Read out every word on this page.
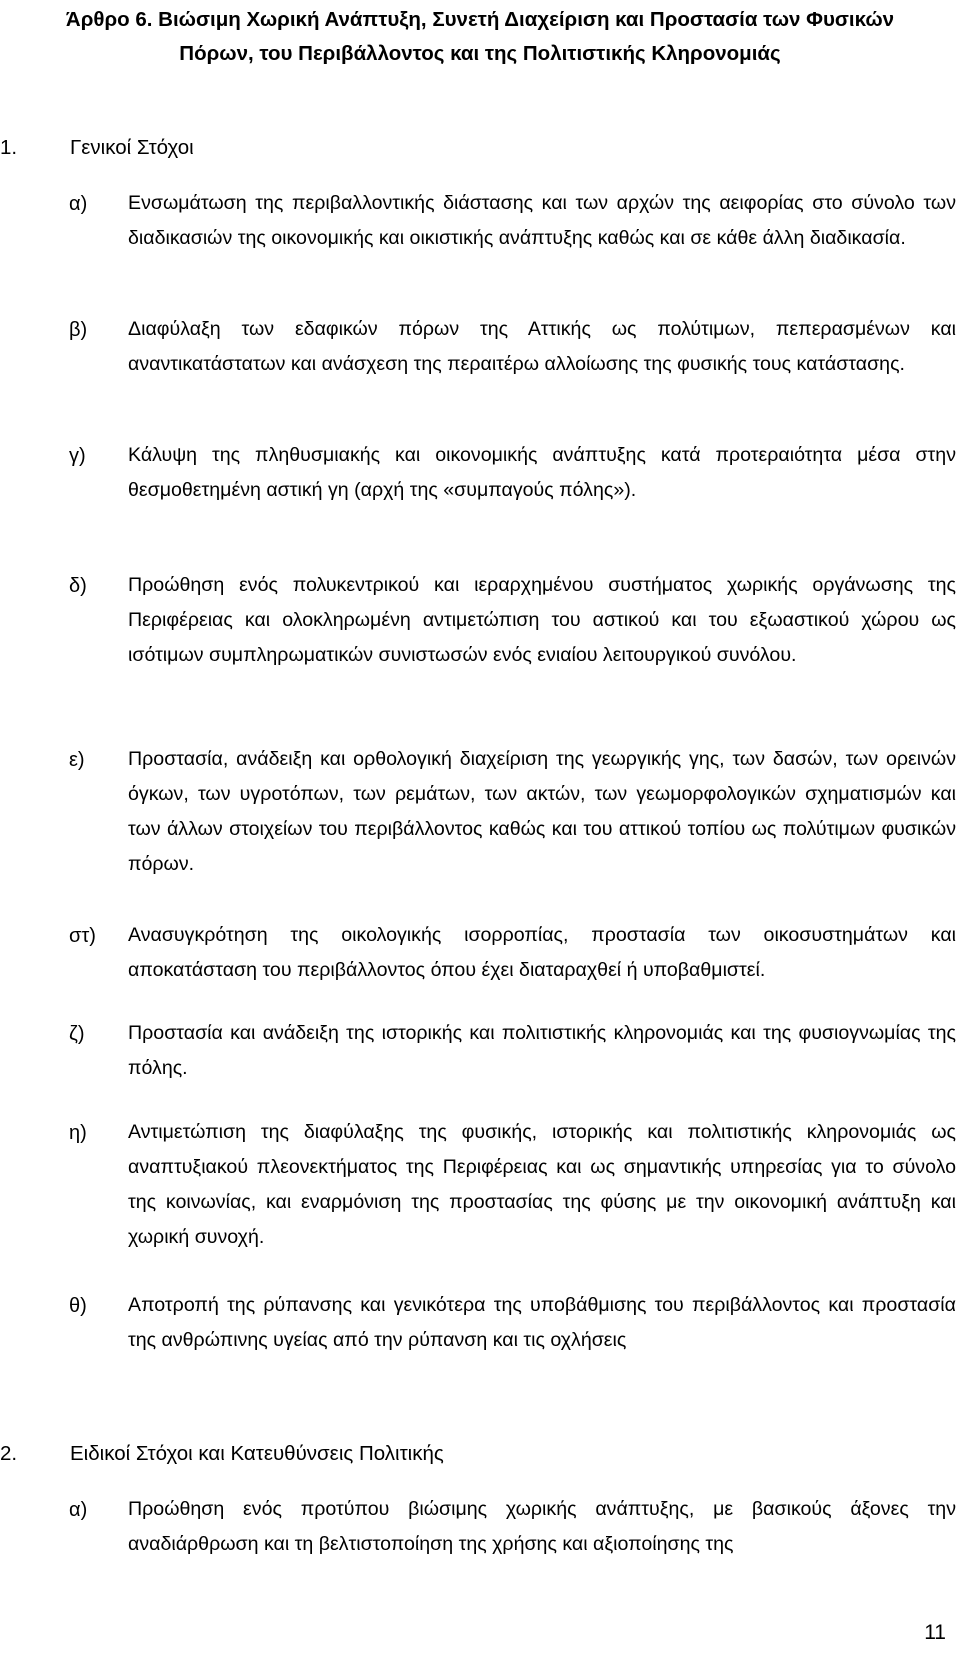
Άρθρο 6. Βιώσιμη Χωρική Ανάπτυξη, Συνετή Διαχείριση και Προστασία των Φυσικών
Πόρων, του Περιβάλλοντος και της Πολιτιστικής Κληρονομιάς
1.	Γενικοί Στόχοι
α) Ενσωμάτωση της περιβαλλοντικής διάστασης και των αρχών της αειφορίας στο σύνολο των διαδικασιών της οικονομικής και οικιστικής ανάπτυξης καθώς και σε κάθε άλλη διαδικασία.
β) Διαφύλαξη των εδαφικών πόρων της Αττικής ως πολύτιμων, πεπερασμένων και αναντικατάστατων και ανάσχεση της περαιτέρω αλλοίωσης της φυσικής τους κατάστασης.
γ) Κάλυψη της πληθυσμιακής και οικονομικής ανάπτυξης κατά προτεραιότητα μέσα στην θεσμοθετημένη αστική γη (αρχή της «συμπαγούς πόλης»).
δ) Προώθηση ενός πολυκεντρικού και ιεραρχημένου συστήματος χωρικής οργάνωσης της Περιφέρειας και ολοκληρωμένη αντιμετώπιση του αστικού και του εξωαστικού χώρου ως ισότιμων συμπληρωματικών συνιστωσών ενός ενιαίου λειτουργικού συνόλου.
ε) Προστασία, ανάδειξη και ορθολογική διαχείριση της γεωργικής γης, των δασών, των ορεινών όγκων, των υγροτόπων, των ρεμάτων, των ακτών, των γεωμορφολογικών σχηματισμών και των άλλων στοιχείων του περιβάλλοντος καθώς και του αττικού τοπίου ως πολύτιμων φυσικών πόρων.
στ) Ανασυγκρότηση της οικολογικής ισορροπίας, προστασία των οικοσυστημάτων και αποκατάσταση του περιβάλλοντος όπου έχει διαταραχθεί ή υποβαθμιστεί.
ζ) Προστασία και ανάδειξη της ιστορικής και πολιτιστικής κληρονομιάς και της φυσιογνωμίας της πόλης.
η) Αντιμετώπιση της διαφύλαξης της φυσικής, ιστορικής και πολιτιστικής κληρονομιάς ως αναπτυξιακού πλεονεκτήματος της Περιφέρειας και ως σημαντικής υπηρεσίας για το σύνολο της κοινωνίας, και εναρμόνιση της προστασίας της φύσης με την οικονομική ανάπτυξη και χωρική συνοχή.
θ) Αποτροπή της ρύπανσης και γενικότερα της υποβάθμισης του περιβάλλοντος και προστασία της ανθρώπινης υγείας από την ρύπανση και τις οχλήσεις
2.	Ειδικοί Στόχοι και Κατευθύνσεις Πολιτικής
α) Προώθηση ενός προτύπου βιώσιμης χωρικής ανάπτυξης, με βασικούς άξονες την αναδιάρθρωση και τη βελτιστοποίηση της χρήσης και αξιοποίησης της
11
